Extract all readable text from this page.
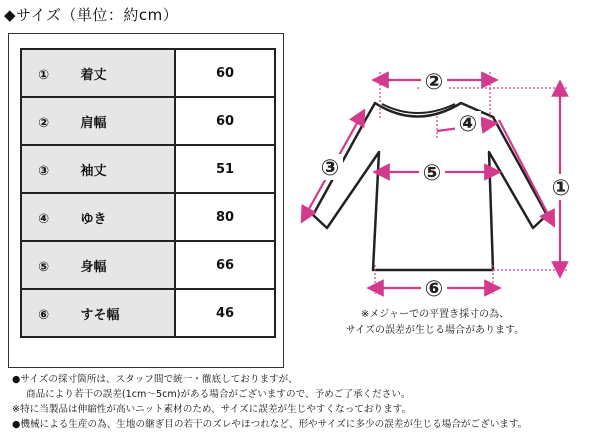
◆サイズ（単位：約cm）
① 着丈	60
② 肩幅	60
③ 袖丈	51
④ ゆき	80
⑤ 身幅	66
⑥ すそ幅	46
②
③
④
⑤
①
⑥
※メジャーでの平置き採寸の為、
サイズの誤差が生じる場合があります。
●サイズの採寸箇所は、スタッフ間で統一・徹底しておりますが、
商品により若干の誤差(1cm〜5cm)がある場合がございますので、予めご了承ください。
※特に当製品は伸縮性が高いニット素材のため、サイズに誤差が生じやすくなっております。
●機械による生産の為、生地の継ぎ目の若干のズレやほつれなど、形やサイズに多少の誤差が生じる場合がございます。
